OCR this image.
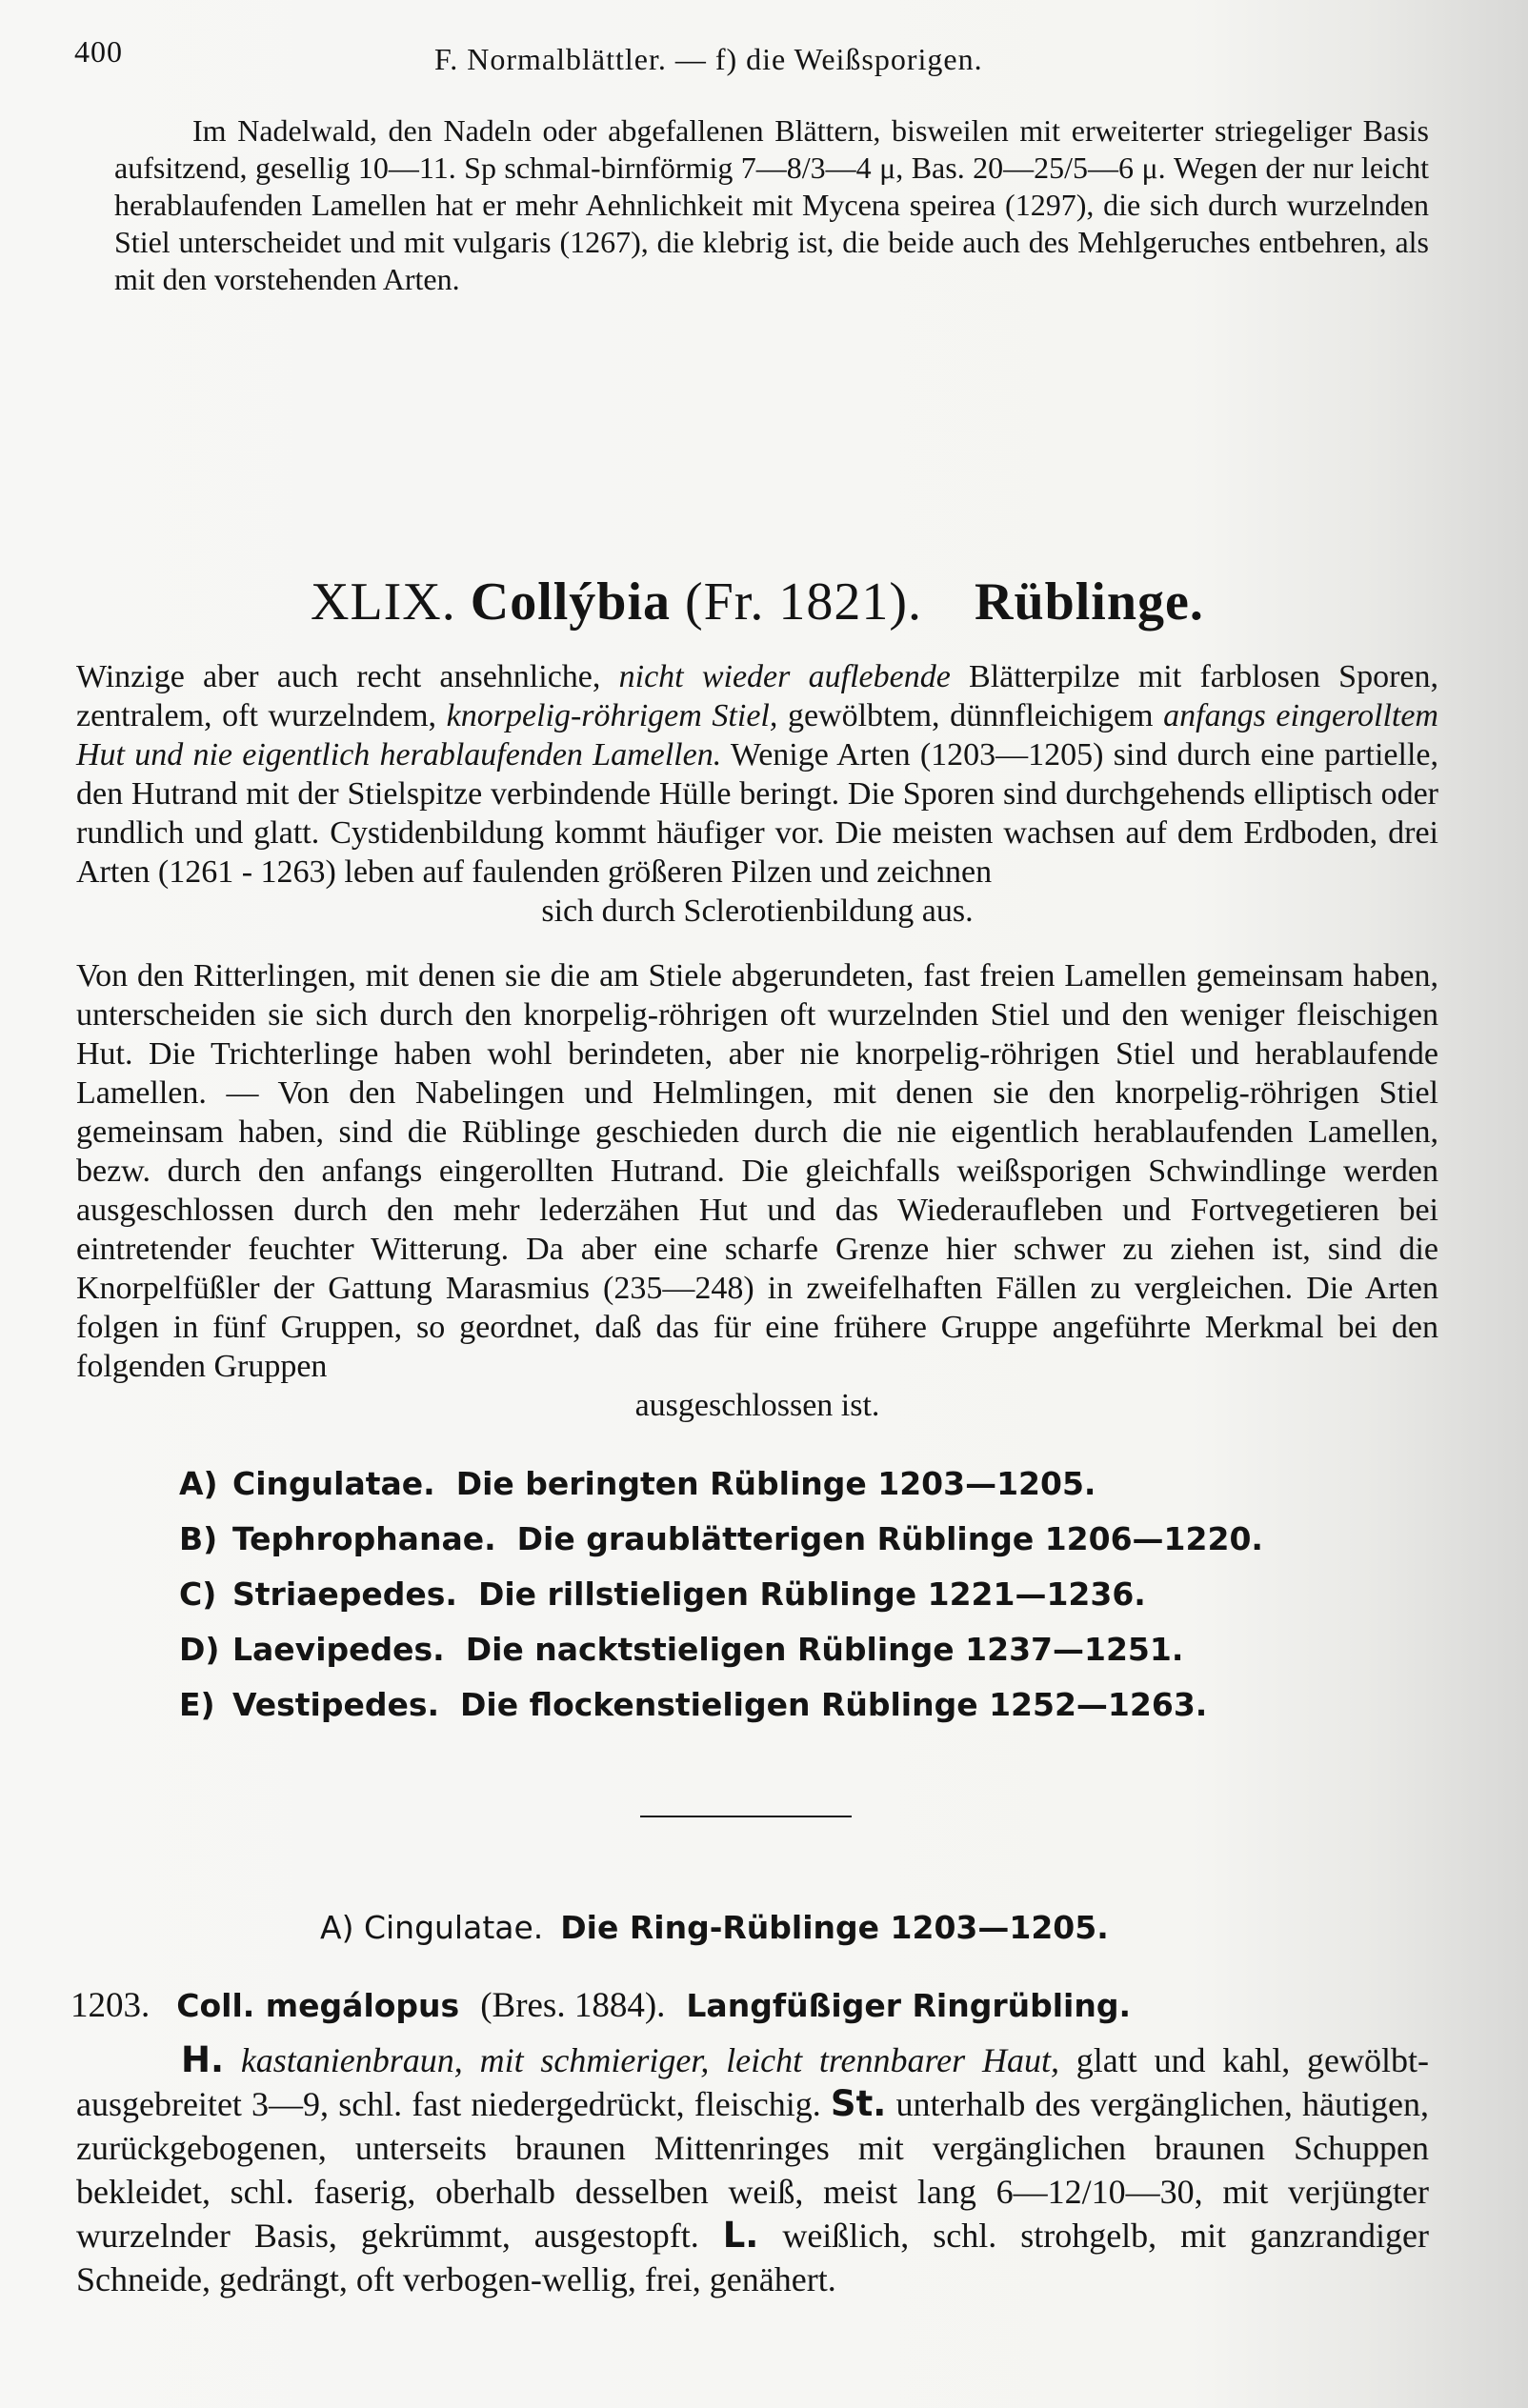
400	F. Normalblättler. — f) die Weißsporigen.

Im Nadelwald, den Nadeln oder abgefallenen Blättern, bisweilen mit erweiterter striegeliger Basis aufsitzend, gesellig 10—11. Sp schmal-birnförmig 7—8/3—4 μ, Bas. 20—25/5—6 μ. Wegen der nur leicht herablaufenden Lamellen hat er mehr Aehnlichkeit mit Mycena speirea (1297), die sich durch wurzelnden Stiel unterscheidet und mit vulgaris (1267), die klebrig ist, die beide auch des Mehlgeruches entbehren, als mit den vorstehenden Arten.

XLIX. Collýbia (Fr. 1821). Rüblinge.

Winzige aber auch recht ansehnliche, nicht wieder auflebende Blätterpilze mit farblosen Sporen, zentralem, oft wurzelndem, knorpelig-röhrigem Stiel, gewölbtem, dünnfleichigem anfangs eingerolltem Hut und nie eigentlich herablaufenden Lamellen. Wenige Arten (1203—1205) sind durch eine partielle, den Hutrand mit der Stielspitze verbindende Hülle beringt. Die Sporen sind durchgehends elliptisch oder rundlich und glatt. Cystidenbildung kommt häufiger vor. Die meisten wachsen auf dem Erdboden, drei Arten (1261 - 1263) leben auf faulenden größeren Pilzen und zeichnen

sich durch Sclerotienbildung aus.

Von den Ritterlingen, mit denen sie die am Stiele abgerundeten, fast freien Lamellen gemeinsam haben, unterscheiden sie sich durch den knorpelig-röhrigen oft wurzelnden Stiel und den weniger fleischigen Hut. Die Trichterlinge haben wohl berindeten, aber nie knorpelig-röhrigen Stiel und herablaufende Lamellen. — Von den Nabelingen und Helmlingen, mit denen sie den knorpelig-röhrigen Stiel gemeinsam haben, sind die Rüblinge geschieden durch die nie eigentlich herablaufenden Lamellen, bezw. durch den anfangs eingerollten Hutrand. Die gleichfalls weißsporigen Schwindlinge werden ausgeschlossen durch den mehr lederzähen Hut und das Wiederaufleben und Fortvegetieren bei eintretender feuchter Witterung. Da aber eine scharfe Grenze hier schwer zu ziehen ist, sind die Knorpelfüßler der Gattung Marasmius (235—248) in zweifelhaften Fällen zu vergleichen. Die Arten folgen in fünf Gruppen, so geordnet, daß das für eine frühere Gruppe angeführte Merkmal bei den folgenden Gruppen

ausgeschlossen ist.

A) Cingulatae. Die beringten Rüblinge 1203—1205.
B) Tephrophanae. Die graublätterigen Rüblinge 1206—1220.
C) Striaepedes. Die rillstieligen Rüblinge 1221—1236.
D) Laevipedes. Die nacktstieligen Rüblinge 1237—1251.
E) Vestipedes. Die flockenstieligen Rüblinge 1252—1263.
A) Cingulatae. Die Ring-Rüblinge 1203—1205.
1203. Coll. megálopus (Bres. 1884). Langfüßiger Ringrübling.

H. kastanienbraun, mit schmieriger, leicht trennbarer Haut, glatt und kahl, gewölbt-ausgebreitet 3—9, schl. fast niedergedrückt, fleischig. St. unterhalb des vergänglichen, häutigen, zurückgebogenen, unterseits braunen Mittenringes mit vergänglichen braunen Schuppen bekleidet, schl. faserig, oberhalb desselben weiß, meist lang 6—12/10—30, mit verjüngter wurzelnder Basis, gekrümmt, ausgestopft. L. weißlich, schl. strohgelb, mit ganzrandiger Schneide, gedrängt, oft verbogen-wellig, frei, genähert.
